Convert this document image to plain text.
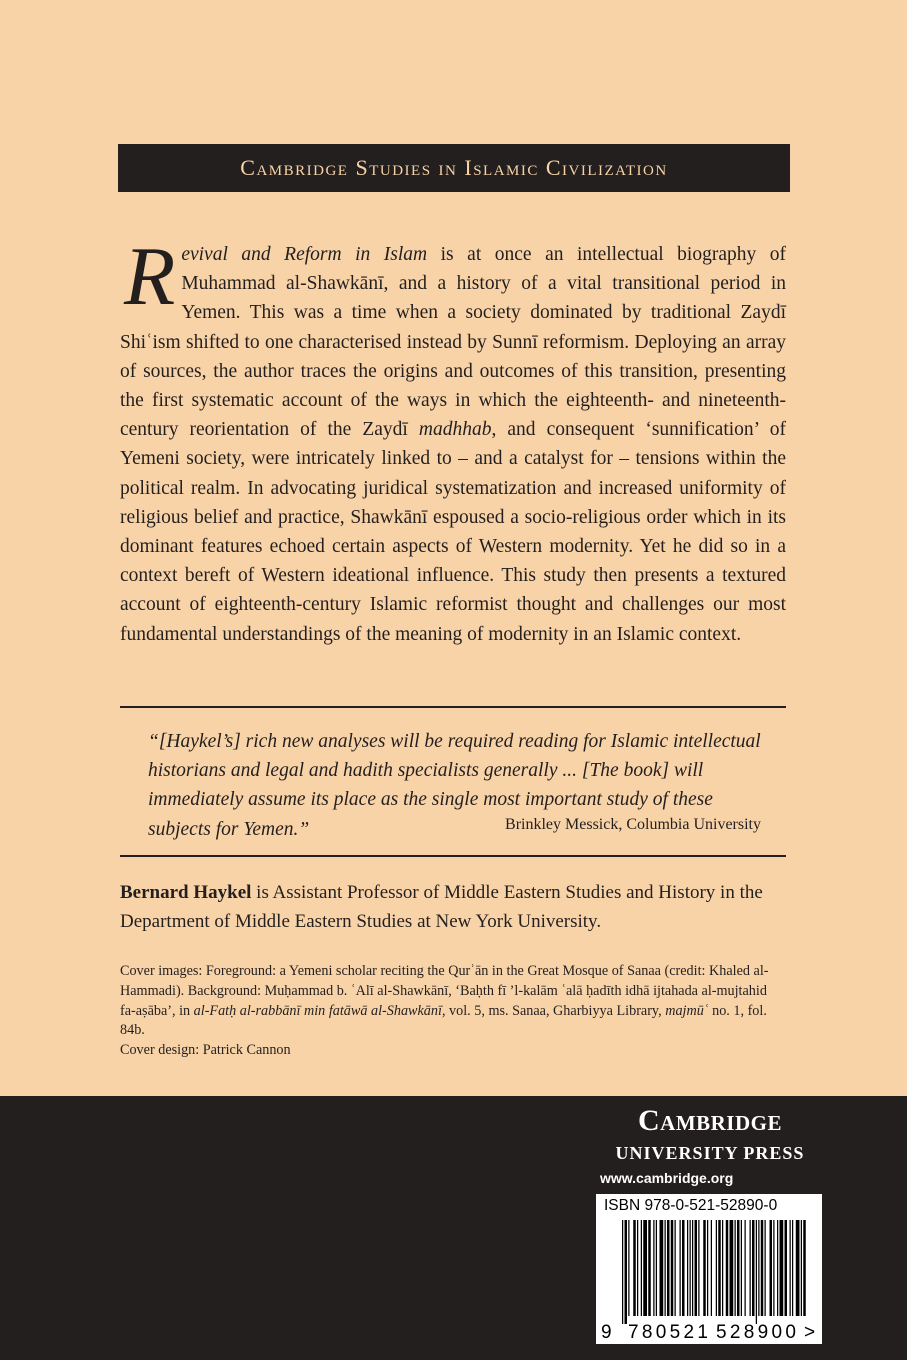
Cambridge Studies in Islamic Civilization

Revival and Reform in Islam is at once an intellectual biography of Muhammad al-Shawkānī, and a history of a vital transitional period in Yemen. This was a time when a society dominated by traditional Zaydī Shiʿism shifted to one characterised instead by Sunnī reformism. Deploying an array of sources, the author traces the origins and outcomes of this transition, presenting the first systematic account of the ways in which the eighteenth- and nineteenth-century reorientation of the Zaydī madhhab, and consequent ‘sunnification’ of Yemeni society, were intricately linked to – and a catalyst for – tensions within the political realm. In advocating juridical systematization and increased uniformity of religious belief and practice, Shawkānī espoused a socio-religious order which in its dominant features echoed certain aspects of Western modernity. Yet he did so in a context bereft of Western ideational influence. This study then presents a textured account of eighteenth-century Islamic reformist thought and challenges our most fundamental understandings of the meaning of modernity in an Islamic context.

“[Haykel’s] rich new analyses will be required reading for Islamic intellectual historians and legal and hadith specialists generally ... [The book] will immediately assume its place as the single most important study of these subjects for Yemen.”	Brinkley Messick, Columbia University

Bernard Haykel is Assistant Professor of Middle Eastern Studies and History in the Department of Middle Eastern Studies at New York University.

Cover images: Foreground: a Yemeni scholar reciting the Qurʾān in the Great Mosque of Sanaa (credit: Khaled al-Hammadi). Background: Muḥammad b. ʿAlī al-Shawkānī, ‘Baḥth fī ’l-kalām ʿalā ḥadīth idhā ijtahada al-mujtahid fa-aṣāba’, in al-Fatḥ al-rabbānī min fatāwā al-Shawkānī, vol. 5, ms. Sanaa, Gharbiyya Library, majmūʿ no. 1, fol. 84b.
Cover design: Patrick Cannon

Cambridge
UNIVERSITY PRESS
www.cambridge.org
ISBN 978-0-521-52890-0
9 780521 528900 >
